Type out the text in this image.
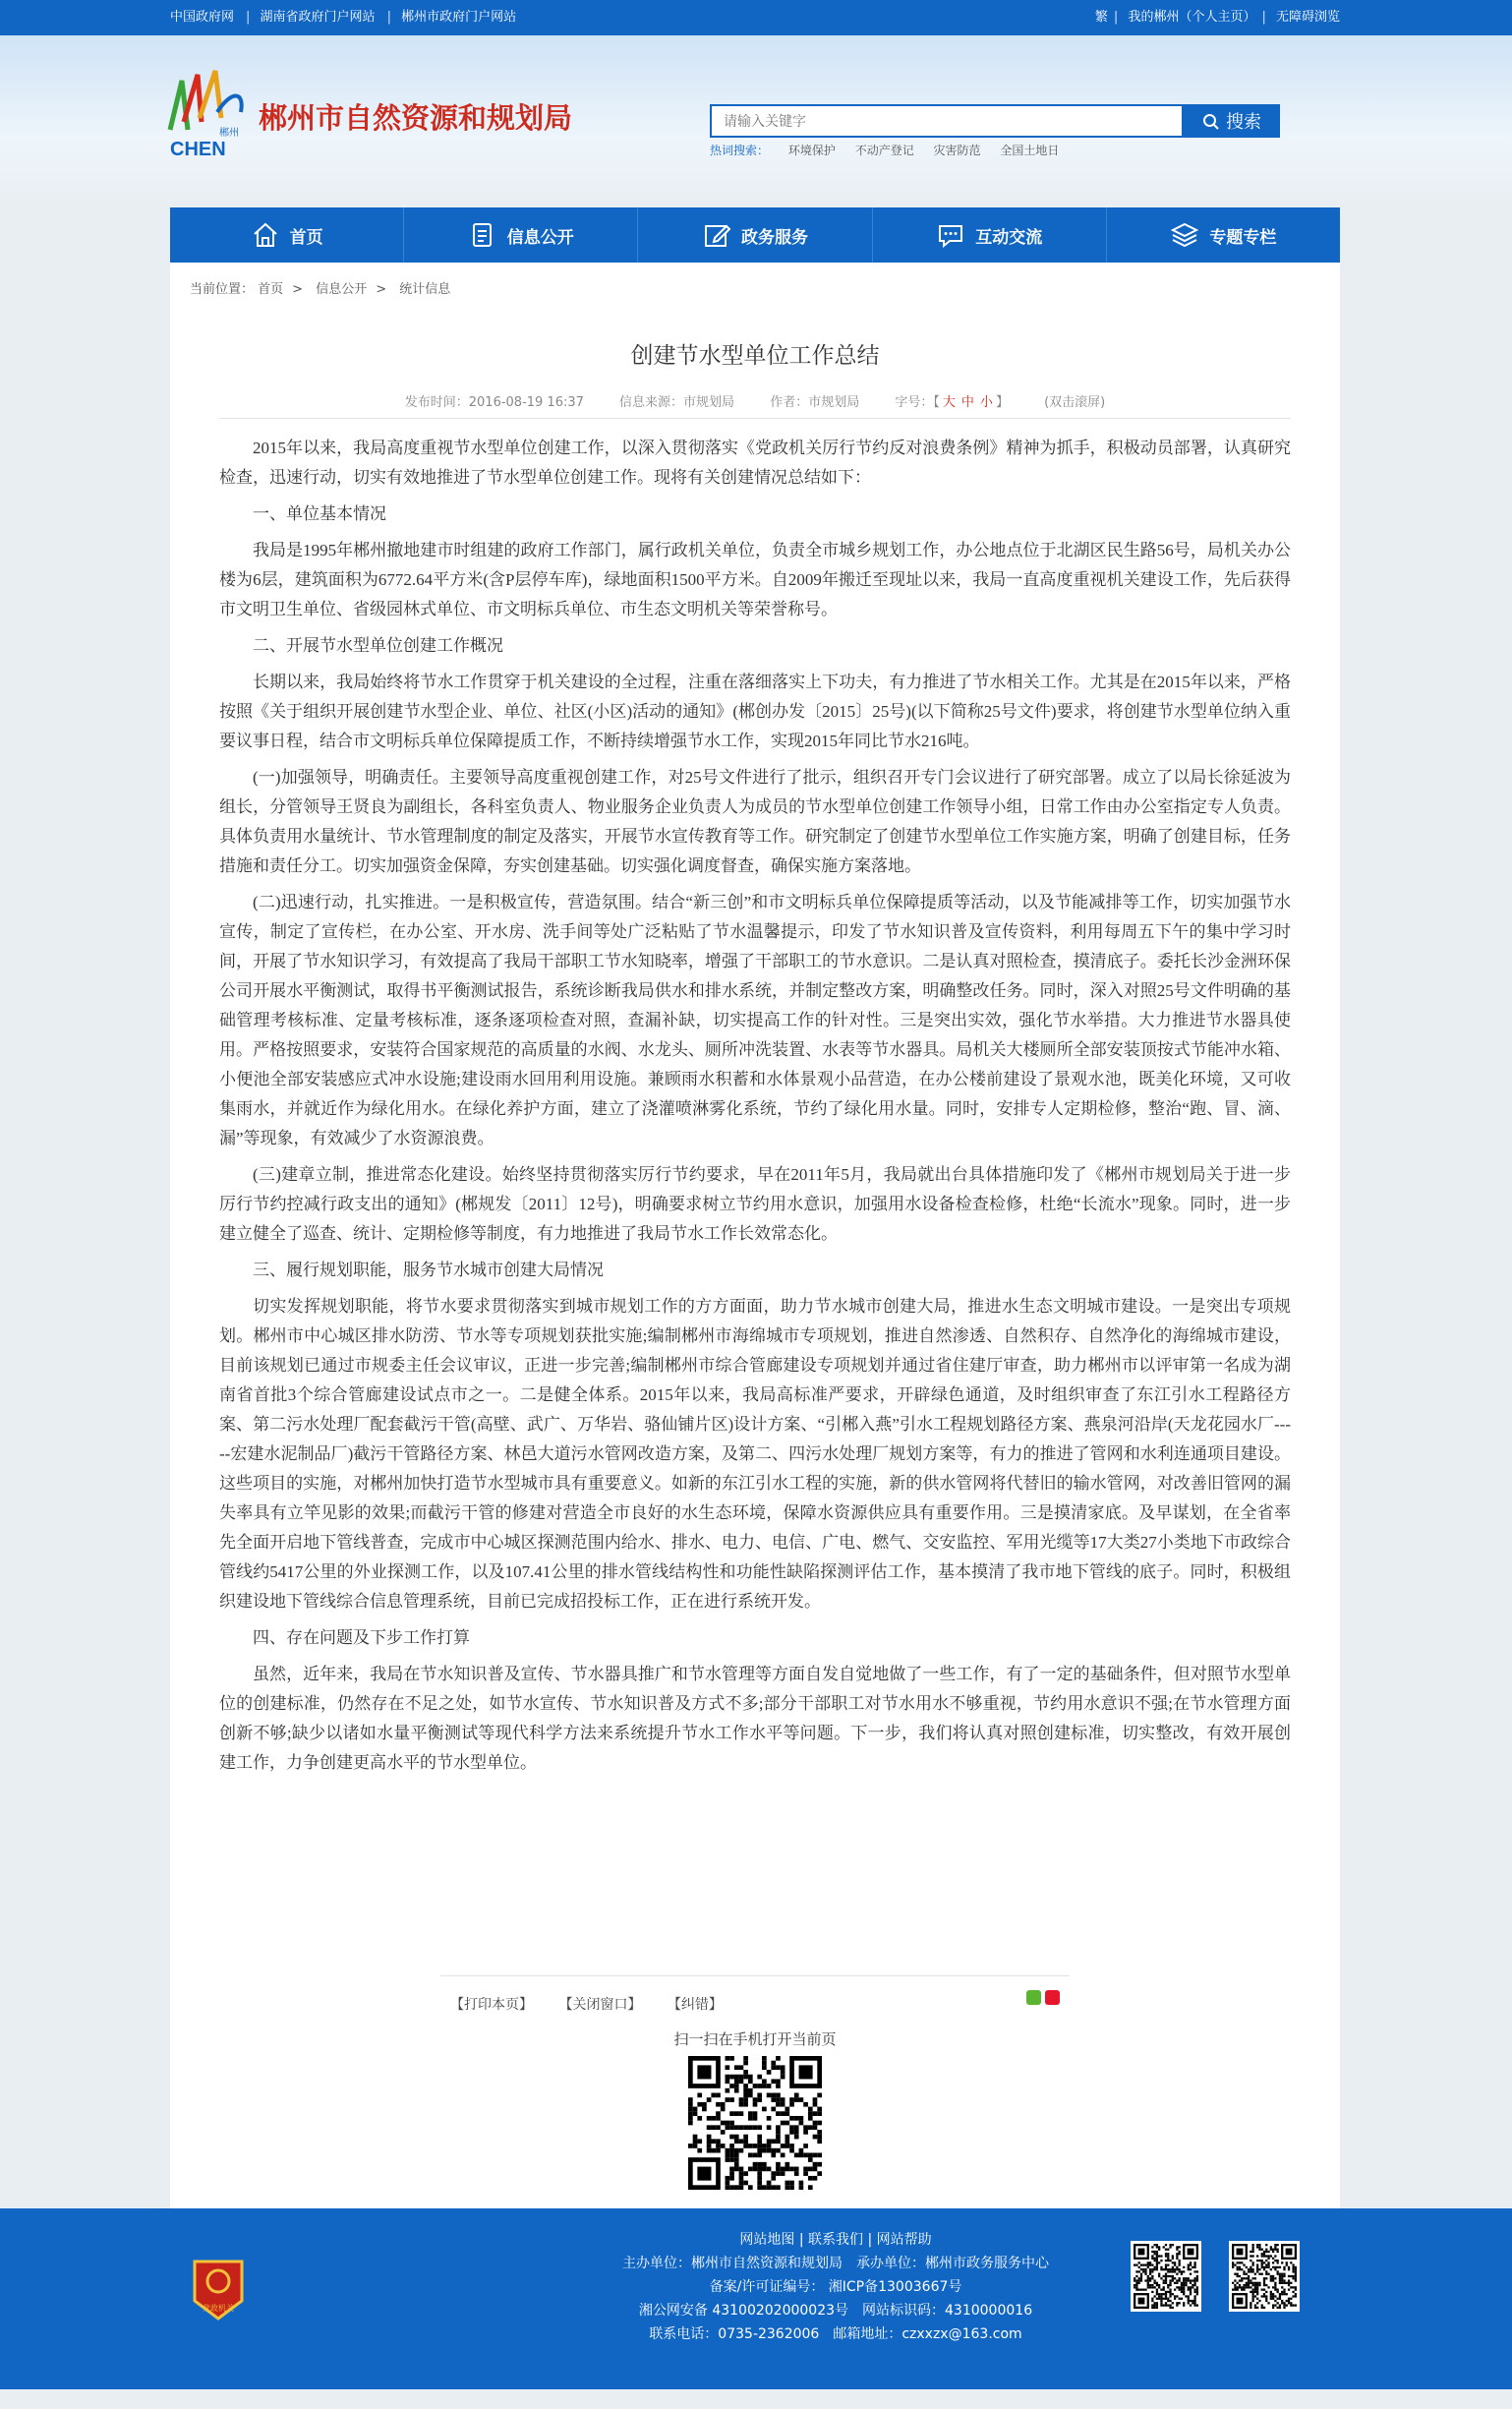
中国政府网 | 湖南省政府门户网站 | 郴州市政府门户网站	繁 | 我的郴州（个人主页） | 无障碍浏览
郴州
CHEN
郴州市自然资源和规划局
请输入关键字	搜索
热词搜索： 环境保护 不动产登记 灾害防范 全国土地日
首页	信息公开	政务服务	互动交流	专题专栏
当前位置： 首页 > 信息公开 > 统计信息
创建节水型单位工作总结
发布时间：2016-08-19 16:37	信息来源：市规划局	作者：市规划局	字号：【 大 中 小 】	(双击滚屏)

2015年以来，我局高度重视节水型单位创建工作，以深入贯彻落实《党政机关厉行节约反对浪费条例》精神为抓手，积极动员部署，认真研究检查，迅速行动，切实有效地推进了节水型单位创建工作。现将有关创建情况总结如下：

一、单位基本情况

我局是1995年郴州撤地建市时组建的政府工作部门，属行政机关单位，负责全市城乡规划工作，办公地点位于北湖区民生路56号，局机关办公楼为6层，建筑面积为6772.64平方米(含P层停车库)，绿地面积1500平方米。自2009年搬迁至现址以来，我局一直高度重视机关建设工作，先后获得市文明卫生单位、省级园林式单位、市文明标兵单位、市生态文明机关等荣誉称号。

二、开展节水型单位创建工作概况

长期以来，我局始终将节水工作贯穿于机关建设的全过程，注重在落细落实上下功夫，有力推进了节水相关工作。尤其是在2015年以来，严格按照《关于组织开展创建节水型企业、单位、社区(小区)活动的通知》(郴创办发〔2015〕25号)(以下简称25号文件)要求，将创建节水型单位纳入重要议事日程，结合市文明标兵单位保障提质工作，不断持续增强节水工作，实现2015年同比节水216吨。

(一)加强领导，明确责任。主要领导高度重视创建工作，对25号文件进行了批示，组织召开专门会议进行了研究部署。成立了以局长徐延波为组长，分管领导王贤良为副组长，各科室负责人、物业服务企业负责人为成员的节水型单位创建工作领导小组，日常工作由办公室指定专人负责。具体负责用水量统计、节水管理制度的制定及落实，开展节水宣传教育等工作。研究制定了创建节水型单位工作实施方案，明确了创建目标，任务措施和责任分工。切实加强资金保障，夯实创建基础。切实强化调度督查，确保实施方案落地。

(二)迅速行动，扎实推进。一是积极宣传，营造氛围。结合“新三创”和市文明标兵单位保障提质等活动，以及节能减排等工作，切实加强节水宣传，制定了宣传栏，在办公室、开水房、洗手间等处广泛粘贴了节水温馨提示，印发了节水知识普及宣传资料，利用每周五下午的集中学习时间，开展了节水知识学习，有效提高了我局干部职工节水知晓率，增强了干部职工的节水意识。二是认真对照检查，摸清底子。委托长沙金洲环保公司开展水平衡测试，取得书平衡测试报告，系统诊断我局供水和排水系统，并制定整改方案，明确整改任务。同时，深入对照25号文件明确的基础管理考核标准、定量考核标准，逐条逐项检查对照，查漏补缺，切实提高工作的针对性。三是突出实效，强化节水举措。大力推进节水器具使用。严格按照要求，安装符合国家规范的高质量的水阀、水龙头、厕所冲洗装置、水表等节水器具。局机关大楼厕所全部安装顶按式节能冲水箱、小便池全部安装感应式冲水设施;建设雨水回用利用设施。兼顾雨水积蓄和水体景观小品营造，在办公楼前建设了景观水池，既美化环境，又可收集雨水，并就近作为绿化用水。在绿化养护方面，建立了浇灌喷淋雾化系统，节约了绿化用水量。同时，安排专人定期检修，整治“跑、冒、滴、漏”等现象，有效减少了水资源浪费。

(三)建章立制，推进常态化建设。始终坚持贯彻落实厉行节约要求，早在2011年5月，我局就出台具体措施印发了《郴州市规划局关于进一步厉行节约控减行政支出的通知》(郴规发〔2011〕12号)，明确要求树立节约用水意识，加强用水设备检查检修，杜绝“长流水”现象。同时，进一步建立健全了巡查、统计、定期检修等制度，有力地推进了我局节水工作长效常态化。

三、履行规划职能，服务节水城市创建大局情况

切实发挥规划职能，将节水要求贯彻落实到城市规划工作的方方面面，助力节水城市创建大局，推进水生态文明城市建设。一是突出专项规划。郴州市中心城区排水防涝、节水等专项规划获批实施;编制郴州市海绵城市专项规划，推进自然渗透、自然积存、自然净化的海绵城市建设，目前该规划已通过市规委主任会议审议，正进一步完善;编制郴州市综合管廊建设专项规划并通过省住建厅审查，助力郴州市以评审第一名成为湖南省首批3个综合管廊建设试点市之一。二是健全体系。2015年以来，我局高标准严要求，开辟绿色通道，及时组织审查了东江引水工程路径方案、第二污水处理厂配套截污干管(高壁、武广、万华岩、骆仙铺片区)设计方案、“引郴入燕”引水工程规划路径方案、燕泉河沿岸(天龙花园水厂-----宏建水泥制品厂)截污干管路径方案、林邑大道污水管网改造方案，及第二、四污水处理厂规划方案等，有力的推进了管网和水利连通项目建设。这些项目的实施，对郴州加快打造节水型城市具有重要意义。如新的东江引水工程的实施，新的供水管网将代替旧的输水管网，对改善旧管网的漏失率具有立竿见影的效果;而截污干管的修建对营造全市良好的水生态环境，保障水资源供应具有重要作用。三是摸清家底。及早谋划，在全省率先全面开启地下管线普查，完成市中心城区探测范围内给水、排水、电力、电信、广电、燃气、交安监控、军用光缆等17大类27小类地下市政综合管线约5417公里的外业探测工作，以及107.41公里的排水管线结构性和功能性缺陷探测评估工作，基本摸清了我市地下管线的底子。同时，积极组织建设地下管线综合信息管理系统，目前已完成招投标工作，正在进行系统开发。

四、存在问题及下步工作打算

虽然，近年来，我局在节水知识普及宣传、节水器具推广和节水管理等方面自发自觉地做了一些工作，有了一定的基础条件，但对照节水型单位的创建标准，仍然存在不足之处，如节水宣传、节水知识普及方式不多;部分干部职工对节水用水不够重视，节约用水意识不强;在节水管理方面创新不够;缺少以诸如水量平衡测试等现代科学方法来系统提升节水工作水平等问题。下一步，我们将认真对照创建标准，切实整改，有效开展创建工作，力争创建更高水平的节水型单位。

【打印本页】 【关闭窗口】 【纠错】
扫一扫在手机打开当前页
党政机关
网站地图 | 联系我们 | 网站帮助
主办单位：郴州市自然资源和规划局　承办单位：郴州市政务服务中心
备案/许可证编号： 湘ICP备13003667号
湘公网安备 43100202000023号　网站标识码：4310000016
联系电话：0735-2362006　邮箱地址：czxxzx@163.com
